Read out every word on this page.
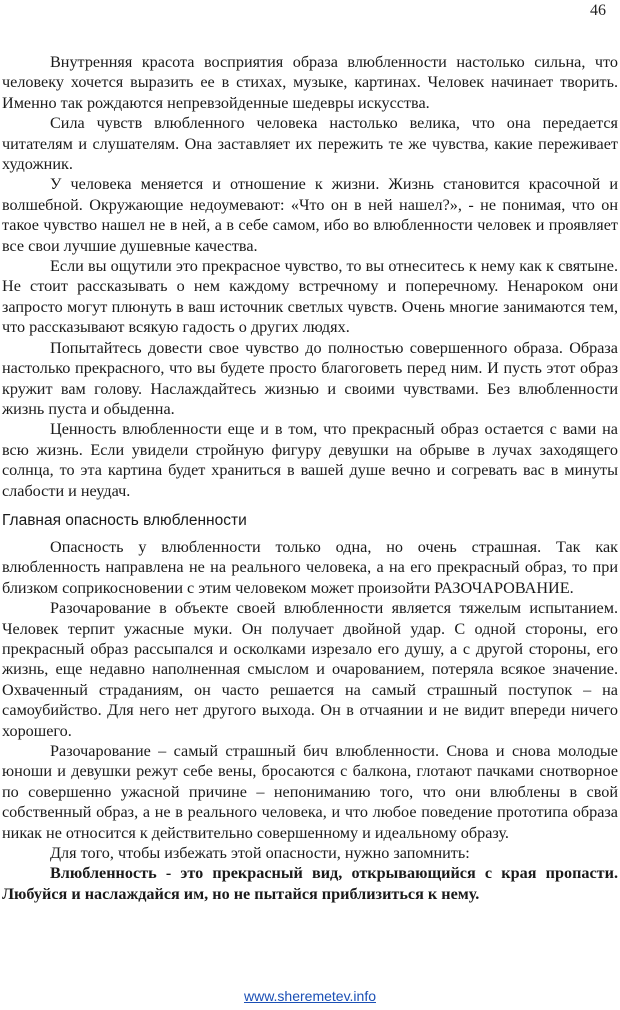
46

Внутренняя красота восприятия образа влюбленности настолько сильна, что человеку хочется выразить ее в стихах, музыке, картинах. Человек начинает творить. Именно так рождаются непревзойденные шедевры искусства.

Сила чувств влюбленного человека настолько велика, что она передается читателям и слушателям. Она заставляет их пережить те же чувства, какие переживает художник.

У человека меняется и отношение к жизни. Жизнь становится красочной и волшебной. Окружающие недоумевают: «Что он в ней нашел?», - не понимая, что он такое чувство нашел не в ней, а в себе самом, ибо во влюбленности человек и проявляет все свои лучшие душевные качества.

Если вы ощутили это прекрасное чувство, то вы отнеситесь к нему как к святыне. Не стоит рассказывать о нем каждому встречному и поперечному. Ненароком они запросто могут плюнуть в ваш источник светлых чувств. Очень многие занимаются тем, что рассказывают всякую гадость о других людях.

Попытайтесь довести свое чувство до полностью совершенного образа. Образа настолько прекрасного, что вы будете просто благоговеть перед ним. И пусть этот образ кружит вам голову. Наслаждайтесь жизнью и своими чувствами. Без влюбленности жизнь пуста и обыденна.

Ценность влюбленности еще и в том, что прекрасный образ остается с вами на всю жизнь. Если увидели стройную фигуру девушки на обрыве в лучах заходящего солнца, то эта картина будет храниться в вашей душе вечно и согревать вас в минуты слабости и неудач.

Главная опасность влюбленности

Опасность у влюбленности только одна, но очень страшная. Так как влюбленность направлена не на реального человека, а на его прекрасный образ, то при близком соприкосновении с этим человеком может произойти РАЗОЧАРОВАНИЕ.

Разочарование в объекте своей влюбленности является тяжелым испытанием. Человек терпит ужасные муки. Он получает двойной удар. С одной стороны, его прекрасный образ рассыпался и осколками изрезало его душу, а с другой стороны, его жизнь, еще недавно наполненная смыслом и очарованием, потеряла всякое значение. Охваченный страданиям, он часто решается на самый страшный поступок – на самоубийство. Для него нет другого выхода. Он в отчаянии и не видит впереди ничего хорошего.

Разочарование – самый страшный бич влюбленности. Снова и снова молодые юноши и девушки режут себе вены, бросаются с балкона, глотают пачками снотворное по совершенно ужасной причине – непониманию того, что они влюблены в свой собственный образ, а не в реального человека, и что любое поведение прототипа образа никак не относится к действительно совершенному и идеальному образу.

Для того, чтобы избежать этой опасности, нужно запомнить:

Влюбленность - это прекрасный вид, открывающийся с края пропасти. Любуйся и наслаждайся им, но не пытайся приблизиться к нему.

www.sheremetev.info
